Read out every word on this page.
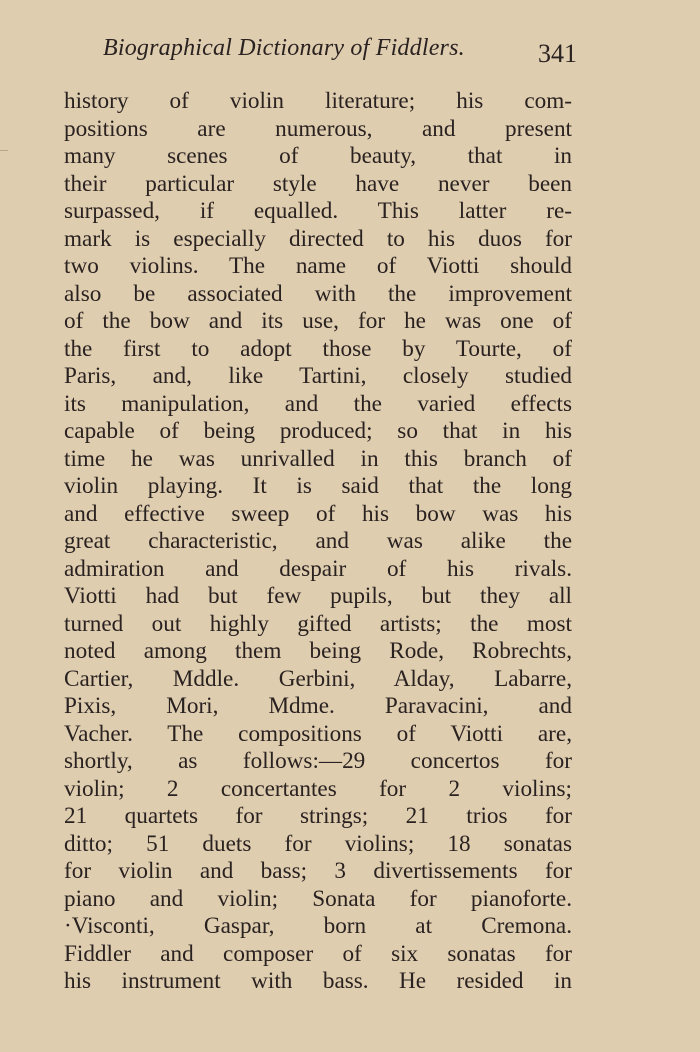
Biographical Dictionary of Fiddlers.	341
history of violin literature; his com-
positions are numerous, and present
many scenes of beauty, that in
their particular style have never been
surpassed, if equalled. This latter re-
mark is especially directed to his duos for
two violins. The name of Viotti should
also be associated with the improvement
of the bow and its use, for he was one of
the first to adopt those by Tourte, of
Paris, and, like Tartini, closely studied
its manipulation, and the varied effects
capable of being produced; so that in his
time he was unrivalled in this branch of
violin playing. It is said that the long
and effective sweep of his bow was his
great characteristic, and was alike the
admiration and despair of his rivals.
Viotti had but few pupils, but they all
turned out highly gifted artists; the most
noted among them being Rode, Robrechts,
Cartier, Mddle. Gerbini, Alday, Labarre,
Pixis, Mori, Mdme. Paravacini, and
Vacher. The compositions of Viotti are,
shortly, as follows:—29 concertos for
violin; 2 concertantes for 2 violins;
21 quartets for strings; 21 trios for
ditto; 51 duets for violins; 18 sonatas
for violin and bass; 3 divertissements for
piano and violin; Sonata for pianoforte.
·Visconti, Gaspar, born at Cremona.
Fiddler and composer of six sonatas for
his instrument with bass. He resided in
